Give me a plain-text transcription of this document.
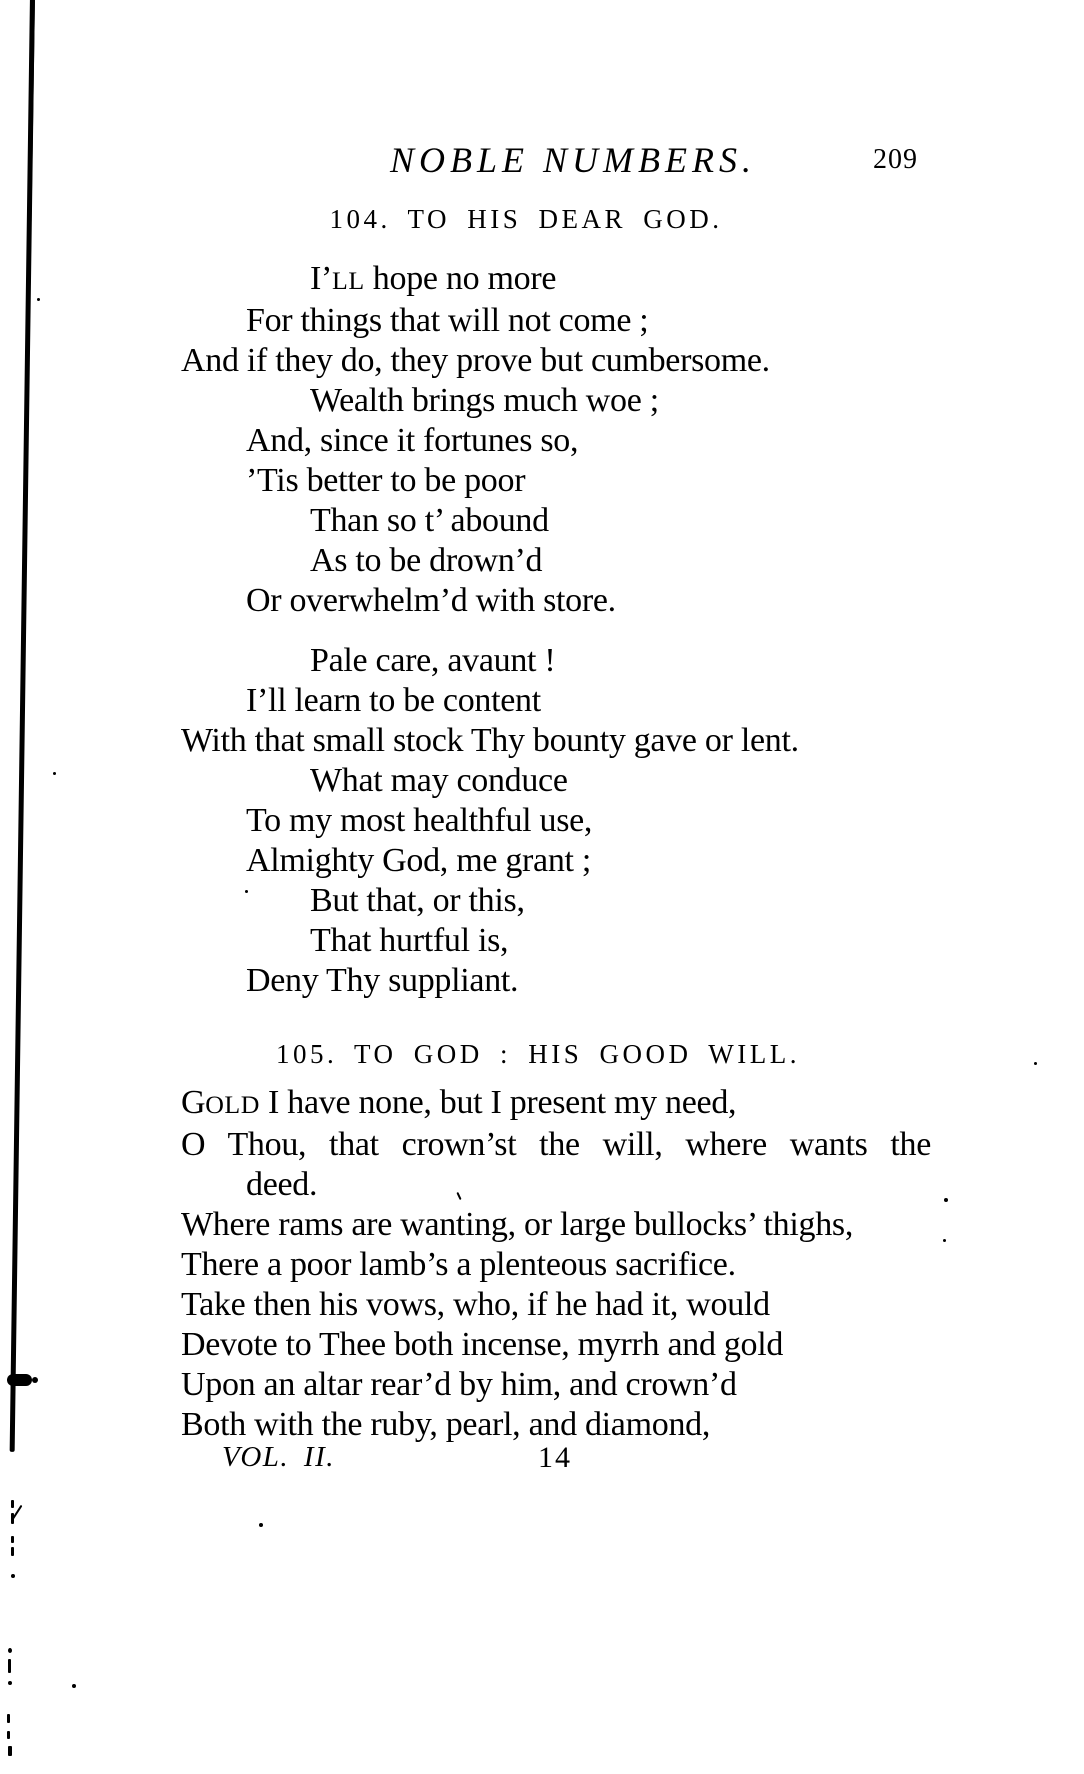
NOBLE NUMBERS.	209
104. TO HIS DEAR GOD.
I’LL hope no more
For things that will not come ;
And if they do, they prove but cumbersome.
Wealth brings much woe ;
And, since it fortunes so,
’Tis better to be poor
Than so t’ abound
As to be drown’d
Or overwhelm’d with store.
Pale care, avaunt !
I’ll learn to be content
With that small stock Thy bounty gave or lent.
What may conduce
To my most healthful use,
Almighty God, me grant ;
But that, or this,
That hurtful is,
Deny Thy suppliant.
105. TO GOD : HIS GOOD WILL.
GOLD I have none, but I present my need,
O Thou, that crown’st the will, where wants the
deed.
Where rams are wanting, or large bullocks’ thighs,
There a poor lamb’s a plenteous sacrifice.
Take then his vows, who, if he had it, would
Devote to Thee both incense, myrrh and gold
Upon an altar rear’d by him, and crown’d
Both with the ruby, pearl, and diamond,
VOL. II.	14
